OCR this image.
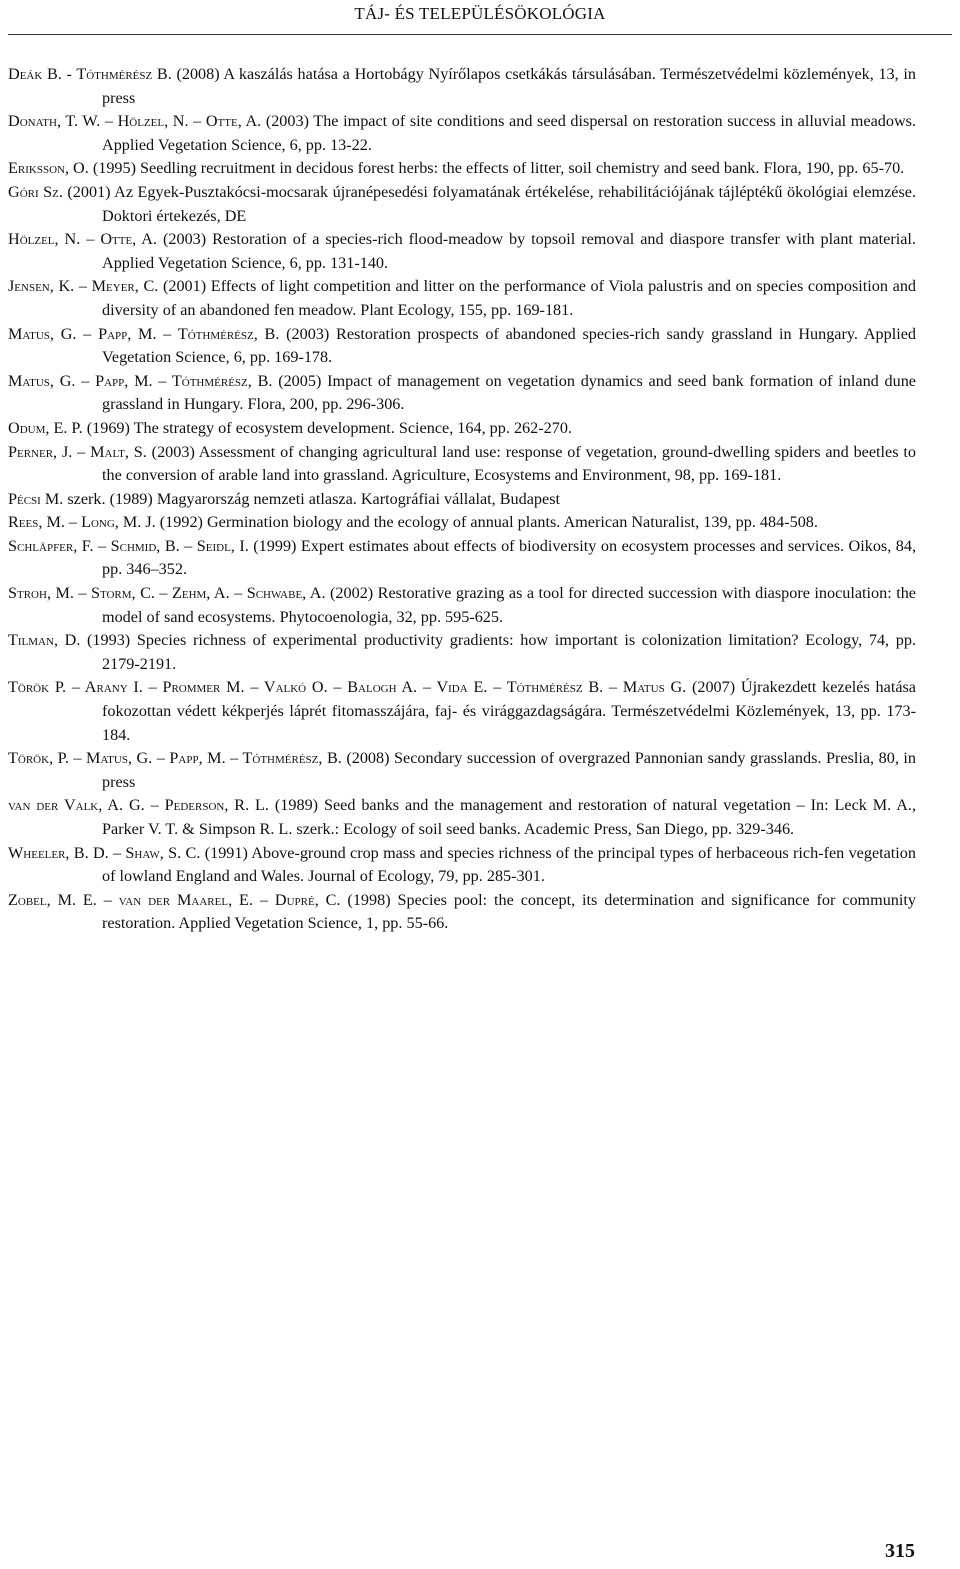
TÁJ- ÉS TELEPÜLÉSÖKOLÓGIA
Deák B. - Tóthmérész B. (2008) A kaszálás hatása a Hortobágy Nyírőlapos csetkákás társulásában. Természetvédelmi közlemények, 13, in press
Donath, T. W. – Hölzel, N. – Otte, A. (2003) The impact of site conditions and seed dispersal on restoration success in alluvial meadows. Applied Vegetation Science, 6, pp. 13-22.
Eriksson, O. (1995) Seedling recruitment in decidous forest herbs: the effects of litter, soil chemistry and seed bank. Flora, 190, pp. 65-70.
Góri Sz. (2001) Az Egyek-Pusztakócsi-mocsarak újranépesedési folyamatának értékelése, rehabilitációjának tájléptékű ökológiai elemzése. Doktori értekezés, DE
Hölzel, N. – Otte, A. (2003) Restoration of a species-rich flood-meadow by topsoil removal and diaspore transfer with plant material. Applied Vegetation Science, 6, pp. 131-140.
Jensen, K. – Meyer, C. (2001) Effects of light competition and litter on the performance of Viola palustris and on species composition and diversity of an abandoned fen meadow. Plant Ecology, 155, pp. 169-181.
Matus, G. – Papp, M. – Tóthmérész, B. (2003) Restoration prospects of abandoned species-rich sandy grassland in Hungary. Applied Vegetation Science, 6, pp. 169-178.
Matus, G. – Papp, M. – Tóthmérész, B. (2005) Impact of management on vegetation dynamics and seed bank formation of inland dune grassland in Hungary. Flora, 200, pp. 296-306.
Odum, E. P. (1969) The strategy of ecosystem development. Science, 164, pp. 262-270.
Perner, J. – Malt, S. (2003) Assessment of changing agricultural land use: response of vegetation, ground-dwelling spiders and beetles to the conversion of arable land into grassland. Agriculture, Ecosystems and Environment, 98, pp. 169-181.
Pécsi M. szerk. (1989) Magyarország nemzeti atlasza. Kartográfiai vállalat, Budapest
Rees, M. – Long, M. J. (1992) Germination biology and the ecology of annual plants. American Naturalist, 139, pp. 484-508.
Schläpfer, F. – Schmid, B. – Seidl, I. (1999) Expert estimates about effects of biodiversity on ecosystem processes and services. Oikos, 84, pp. 346–352.
Stroh, M. – Storm, C. – Zehm, A. – Schwabe, A. (2002) Restorative grazing as a tool for directed succession with diaspore inoculation: the model of sand ecosystems. Phytocoenologia, 32, pp. 595-625.
Tilman, D. (1993) Species richness of experimental productivity gradients: how important is colonization limitation? Ecology, 74, pp. 2179-2191.
Török P. – Arany I. – Prommer M. – Valkó O. – Balogh A. – Vida E. – Tóthmérész B. – Matus G. (2007) Újrakezdett kezelés hatása fokozottan védett kékperjés láprét fitomasszájára, faj- és virággazdagságára. Természetvédelmi Közlemények, 13, pp. 173-184.
Török, P. – Matus, G. – Papp, M. – Tóthmérész, B. (2008) Secondary succession of overgrazed Pannonian sandy grasslands. Preslia, 80, in press
van der Valk, A. G. – Pederson, R. L. (1989) Seed banks and the management and restoration of natural vegetation – In: Leck M. A., Parker V. T. & Simpson R. L. szerk.: Ecology of soil seed banks. Academic Press, San Diego, pp. 329-346.
Wheeler, B. D. – Shaw, S. C. (1991) Above-ground crop mass and species richness of the principal types of herbaceous rich-fen vegetation of lowland England and Wales. Journal of Ecology, 79, pp. 285-301.
Zobel, M. E. – van der Maarel, E. – Dupré, C. (1998) Species pool: the concept, its determination and significance for community restoration. Applied Vegetation Science, 1, pp. 55-66.
315
